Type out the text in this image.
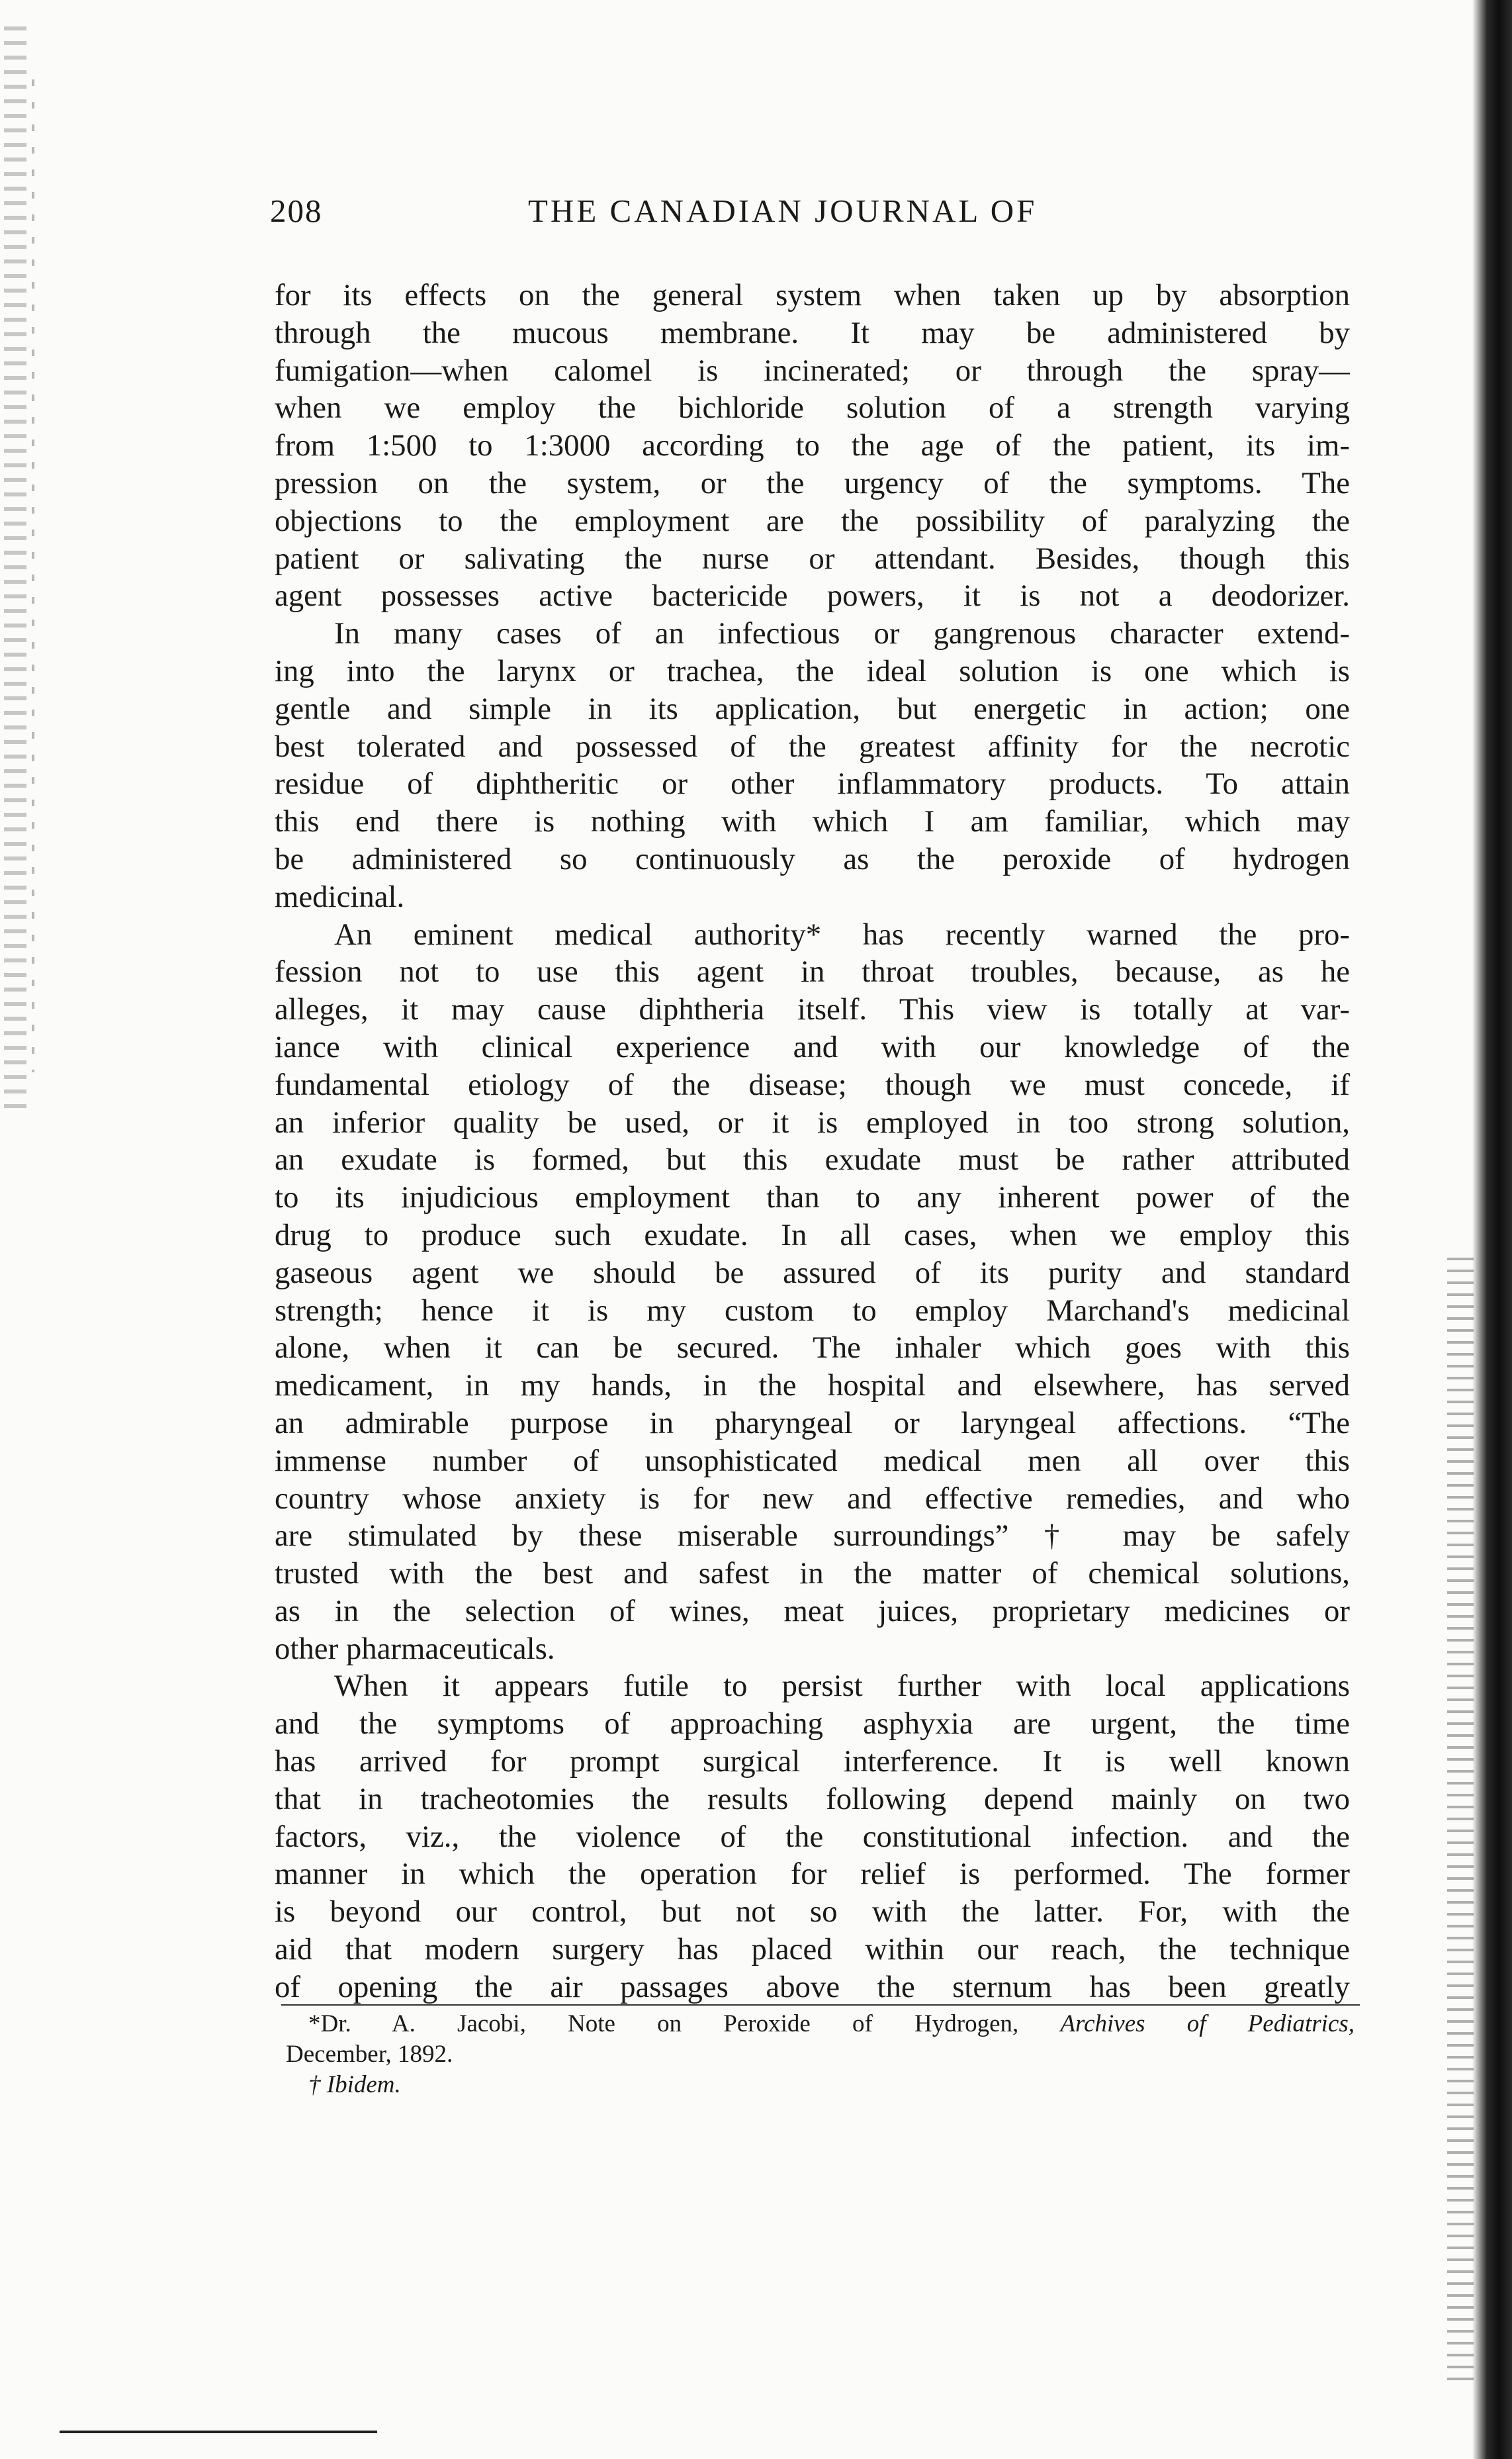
208	THE CANADIAN JOURNAL OF

for its effects on the general system when taken up by absorption
through the mucous membrane. It may be administered by
fumigation—when calomel is incinerated; or through the spray—
when we employ the bichloride solution of a strength varying
from 1:500 to 1:3000 according to the age of the patient, its im-
pression on the system, or the urgency of the symptoms. The
objections to the employment are the possibility of paralyzing the
patient or salivating the nurse or attendant. Besides, though this
agent possesses active bactericide powers, it is not a deodorizer.

In many cases of an infectious or gangrenous character extend-
ing into the larynx or trachea, the ideal solution is one which is
gentle and simple in its application, but energetic in action; one
best tolerated and possessed of the greatest affinity for the necrotic
residue of diphtheritic or other inflammatory products. To attain
this end there is nothing with which I am familiar, which may
be administered so continuously as the peroxide of hydrogen
medicinal.

An eminent medical authority* has recently warned the pro-
fession not to use this agent in throat troubles, because, as he
alleges, it may cause diphtheria itself. This view is totally at var-
iance with clinical experience and with our knowledge of the
fundamental etiology of the disease; though we must concede, if
an inferior quality be used, or it is employed in too strong solution,
an exudate is formed, but this exudate must be rather attributed
to its injudicious employment than to any inherent power of the
drug to produce such exudate. In all cases, when we employ this
gaseous agent we should be assured of its purity and standard
strength; hence it is my custom to employ Marchand's medicinal
alone, when it can be secured. The inhaler which goes with this
medicament, in my hands, in the hospital and elsewhere, has served
an admirable purpose in pharyngeal or laryngeal affections. “The
immense number of unsophisticated medical men all over this
country whose anxiety is for new and effective remedies, and who
are stimulated by these miserable surroundings” † may be safely
trusted with the best and safest in the matter of chemical solutions,
as in the selection of wines, meat juices, proprietary medicines or
other pharmaceuticals.

When it appears futile to persist further with local applications
and the symptoms of approaching asphyxia are urgent, the time
has arrived for prompt surgical interference. It is well known
that in tracheotomies the results following depend mainly on two
factors, viz., the violence of the constitutional infection. and the
manner in which the operation for relief is performed. The former
is beyond our control, but not so with the latter. For, with the
aid that modern surgery has placed within our reach, the technique
of opening the air passages above the sternum has been greatly

*Dr. A. Jacobi, Note on Peroxide of Hydrogen, Archives of Pediatrics,
December, 1892.
† Ibidem.
